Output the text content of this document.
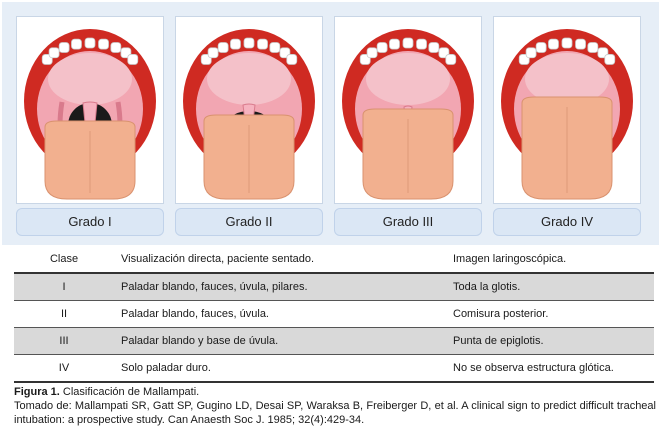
Grado I	Grado II	Grado III	Grado IV
Clase	Visualización directa, paciente sentado.	Imagen laringoscópica.
I	Paladar blando, fauces, úvula, pilares.	Toda la glotis.
II	Paladar blando, fauces, úvula.	Comisura posterior.
III	Paladar blando y base de úvula.	Punta de epiglotis.
IV	Solo paladar duro.	No se observa estructura glótica.

Figura 1. Clasificación de Mallampati.

Tomado de: Mallampati SR, Gatt SP, Gugino LD, Desai SP, Waraksa B, Freiberger D, et al. A clinical sign to predict difficult tracheal intubation: a prospective study. Can Anaesth Soc J. 1985; 32(4):429-34.
